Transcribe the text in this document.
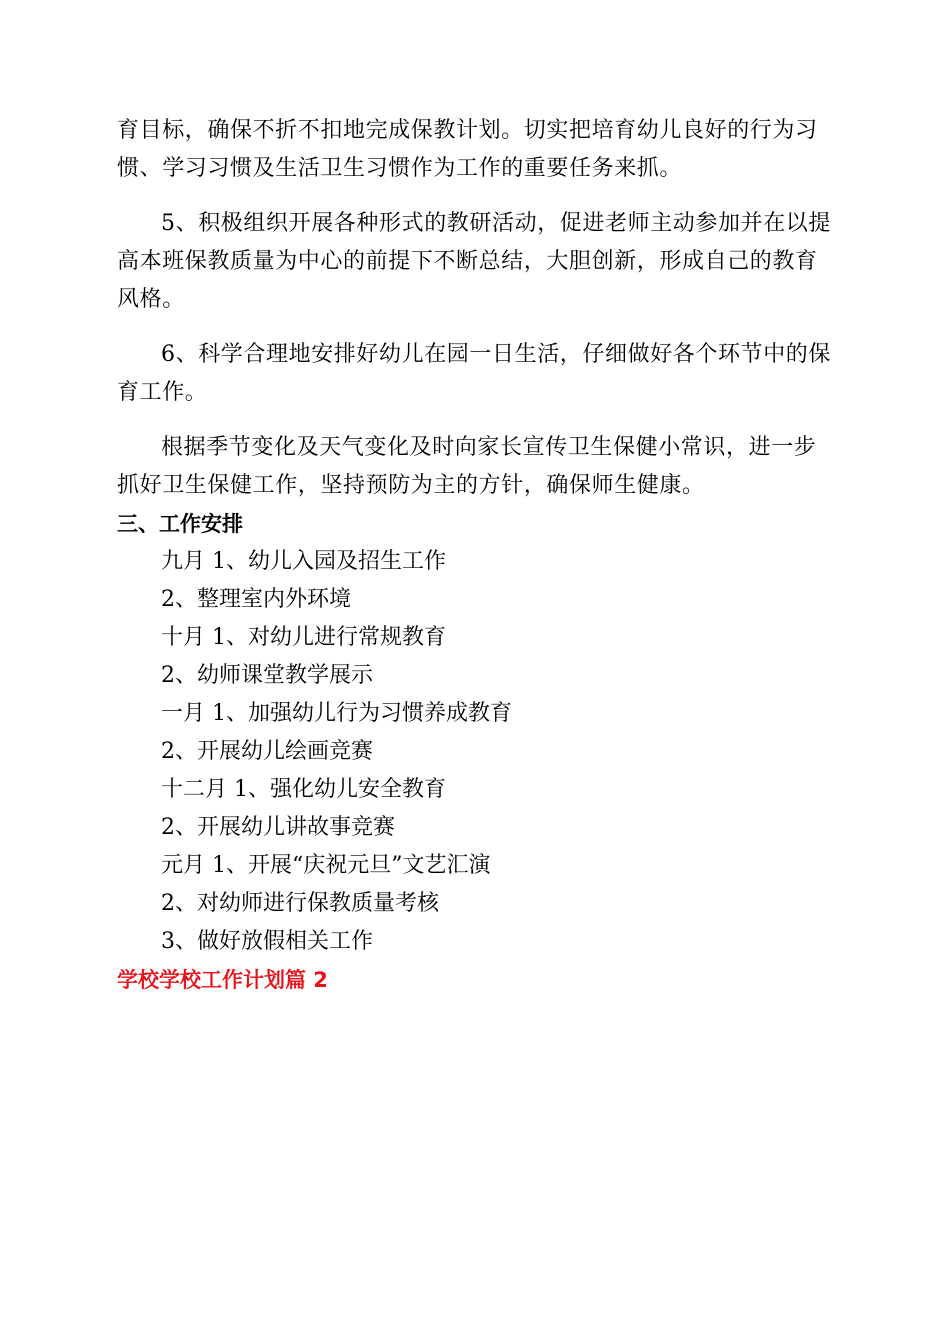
育目标，确保不折不扣地完成保教计划。切实把培育幼儿良好的行为习惯、学习习惯及生活卫生习惯作为工作的重要任务来抓。

5、积极组织开展各种形式的教研活动，促进老师主动参加并在以提高本班保教质量为中心的前提下不断总结，大胆创新，形成自己的教育风格。

6、科学合理地安排好幼儿在园一日生活，仔细做好各个环节中的保育工作。

根据季节变化及天气变化及时向家长宣传卫生保健小常识，进一步抓好卫生保健工作，坚持预防为主的方针，确保师生健康。

三、工作安排

九月 1、幼儿入园及招生工作

2、整理室内外环境

十月 1、对幼儿进行常规教育

2、幼师课堂教学展示

一月 1、加强幼儿行为习惯养成教育

2、开展幼儿绘画竞赛

十二月 1、强化幼儿安全教育

2、开展幼儿讲故事竞赛

元月 1、开展“庆祝元旦”文艺汇演

2、对幼师进行保教质量考核

3、做好放假相关工作

学校学校工作计划篇 2
